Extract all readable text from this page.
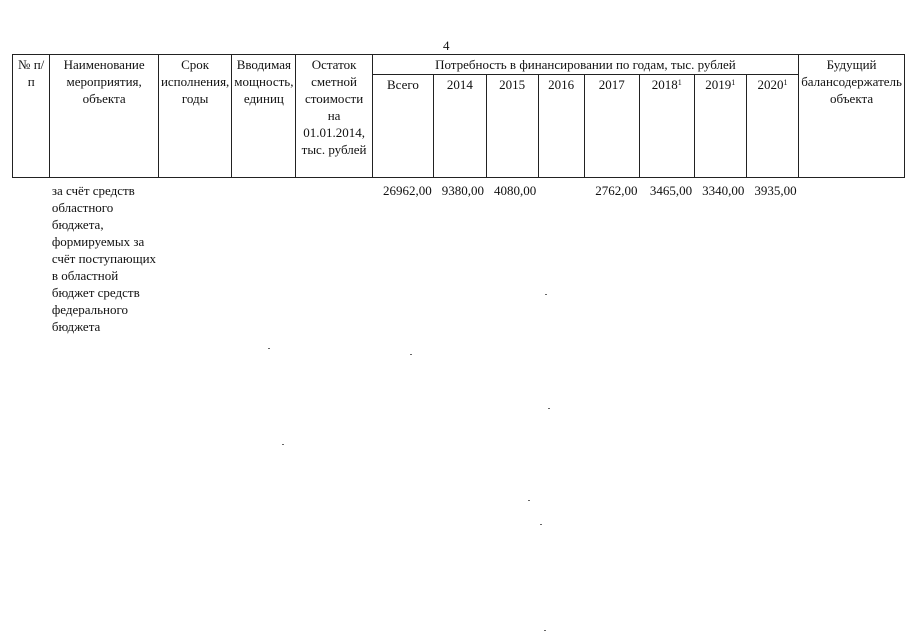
4
№ п/п	Наименование мероприятия, объекта	Срок исполнения, годы	Вводимая мощность, единиц	Остаток сметной стоимости на 01.01.2014, тыс. рублей	Потребность в финансировании по годам, тыс. рублей								Будущий балансодержатель объекта
					Всего	2014	2015	2016	2017	2018$^1$	2019$^1$	2020$^1$
	за счёт средств областного бюджета, формируемых за счёт поступающих в областной бюджет средств федерального бюджета				26962,00	9380,00	4080,00		2762,00	3465,00	3340,00	3935,00	
